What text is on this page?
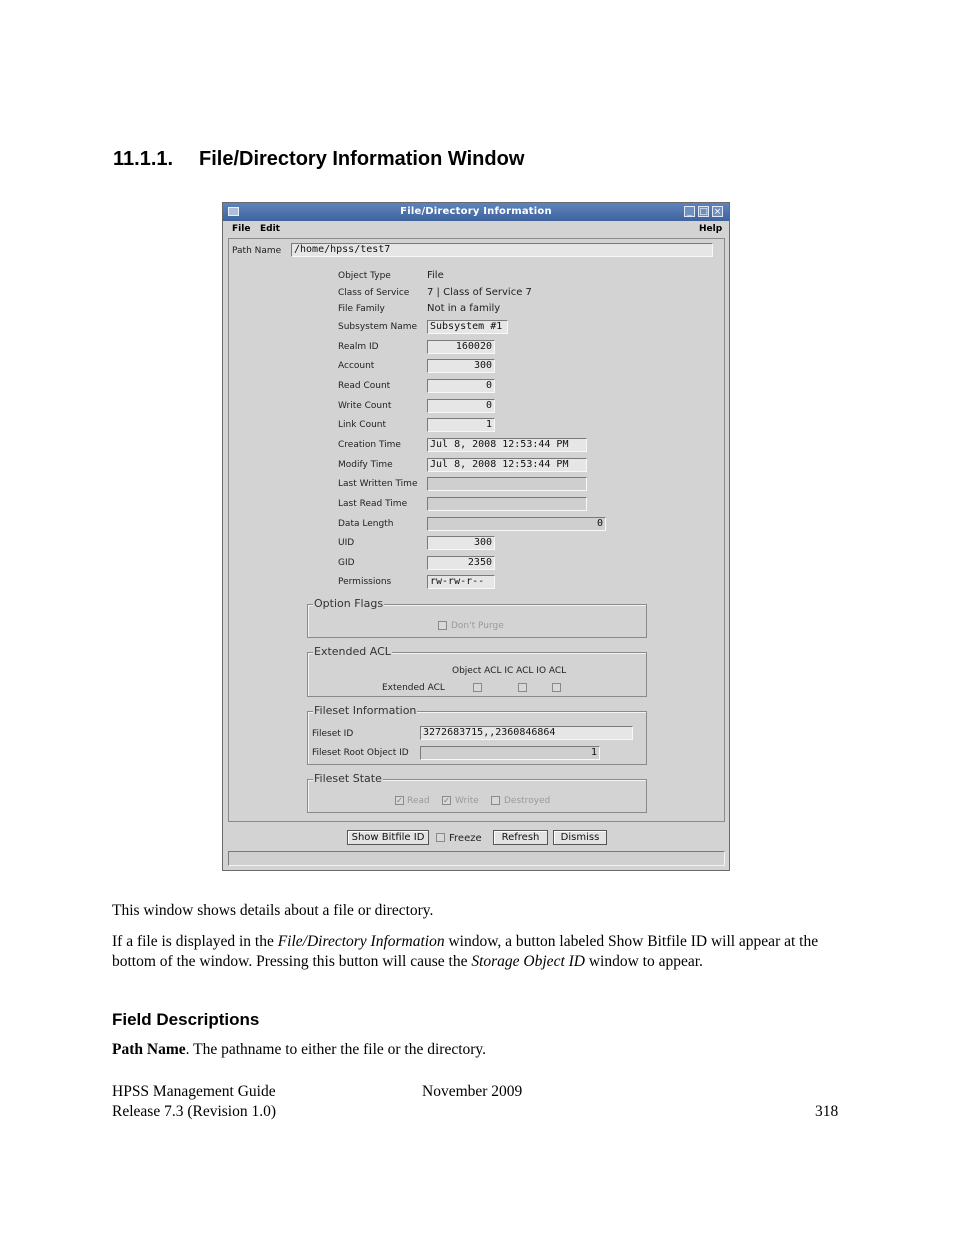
11.1.1. File/Directory Information Window
File/Directory Information	_ □ ×
File Edit	Help
Path Name	/home/hpss/test7
Object Type	File
Class of Service 7 | Class of Service 7
File Family	Not in a family
Subsystem Name	Subsystem #1
Realm ID	160020
Account	300
Read Count	0
Write Count	0
Link Count	1
Creation Time	Jul 8, 2008 12:53:44 PM
Modify Time	Jul 8, 2008 12:53:44 PM
Last Written Time
Last Read Time
Data Length	0
UID	300
GID	2350
Permissions	rw-rw-r--
Option Flags
Don't Purge
Extended ACL
Object ACL IC ACL IO ACL
Extended ACL
Fileset Information
Fileset ID	3272683715,,2360846864
Fileset Root Object ID	1
Fileset State
✓ Read ✓ Write	Destroyed
Show Bitfile ID	Freeze	Refresh	Dismiss
This window shows details about a file or directory.
If a file is displayed in the File/Directory Information window, a button labeled Show Bitfile ID will appear at the bottom of the window. Pressing this button will cause the Storage Object ID window to appear.
Field Descriptions
Path Name. The pathname to either the file or the directory.
HPSS Management Guide	November 2009
Release 7.3 (Revision 1.0)	318
